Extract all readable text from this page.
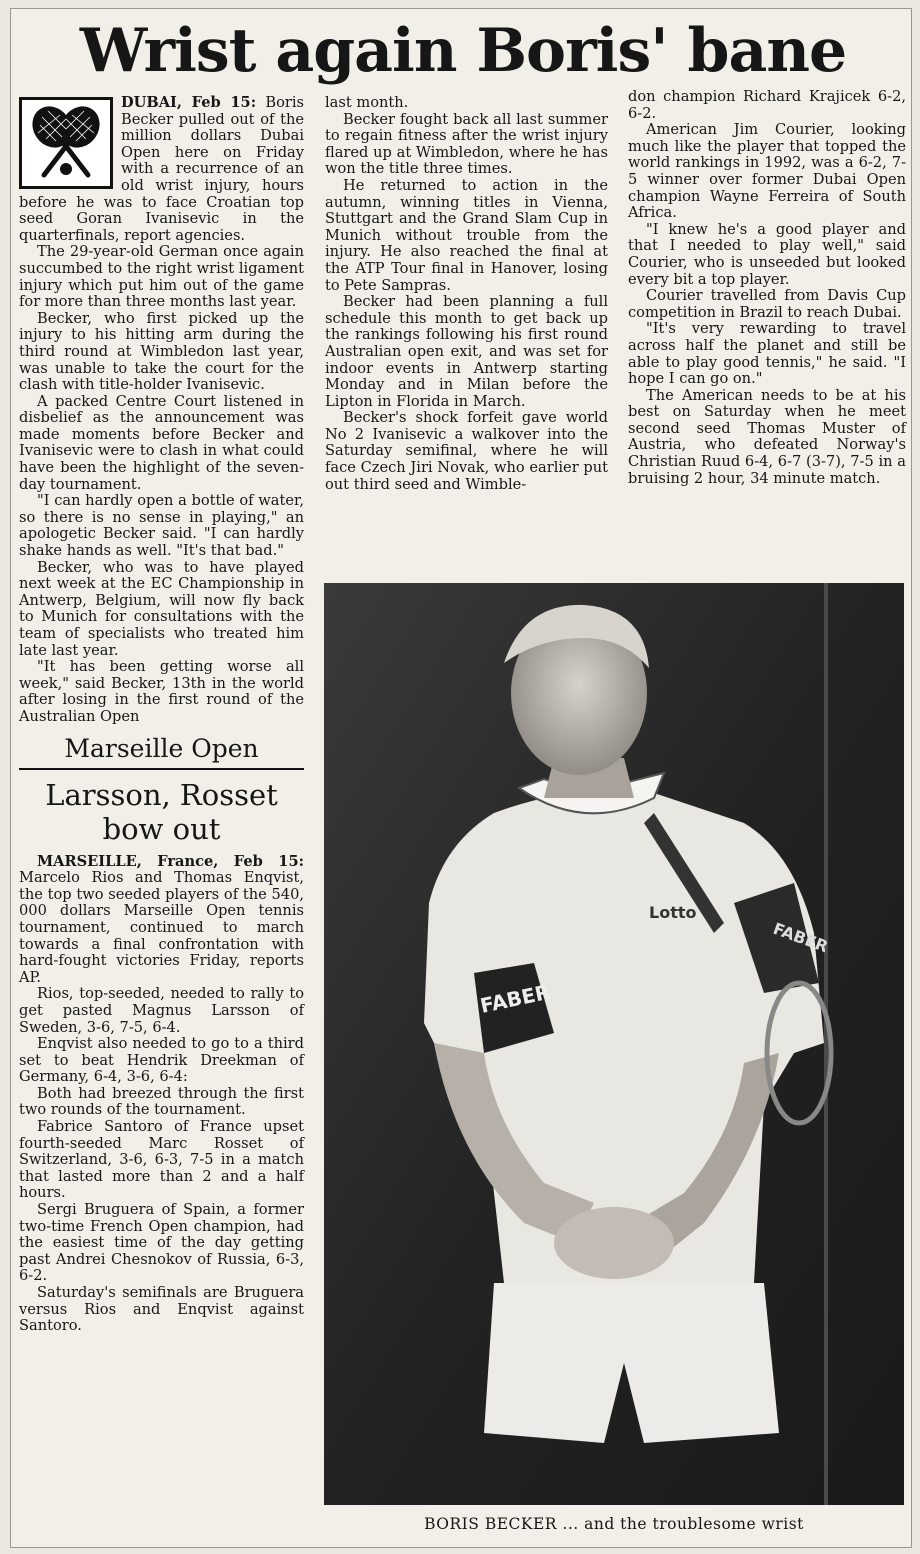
Wrist again Boris' bane

DUBAI, Feb 15: Boris Becker pulled out of the million dollars Dubai Open here on Friday with a recurrence of an old wrist injury, hours before he was to face Croatian top seed Goran Ivanisevic in the quarterfinals, report agencies.

The 29-year-old German once again succumbed to the right wrist ligament injury which put him out of the game for more than three months last year.

Becker, who first picked up the injury to his hitting arm during the third round at Wimbledon last year, was unable to take the court for the clash with title-holder Ivanisevic.

A packed Centre Court listened in disbelief as the announcement was made moments before Becker and Ivanisevic were to clash in what could have been the highlight of the seven-day tournament.

"I can hardly open a bottle of water, so there is no sense in playing," an apologetic Becker said. "I can hardly shake hands as well. "It's that bad."

Becker, who was to have played next week at the EC Championship in Antwerp, Belgium, will now fly back to Munich for consultations with the team of specialists who treated him late last year.

"It has been getting worse all week," said Becker, 13th in the world after losing in the first round of the Australian Open

Marseille Open
Larsson, Rosset
bow out

MARSEILLE, France, Feb 15: Marcelo Rios and Thomas Enqvist, the top two seeded players of the 540, 000 dollars Marseille Open tennis tournament, continued to march towards a final confrontation with hard-fought victories Friday, reports AP.

Rios, top-seeded, needed to rally to get pasted Magnus Larsson of Sweden, 3-6, 7-5, 6-4.

Enqvist also needed to go to a third set to beat Hendrik Dreekman of Germany, 6-4, 3-6, 6-4:

Both had breezed through the first two rounds of the tournament.

Fabrice Santoro of France upset fourth-seeded Marc Rosset of Switzerland, 3-6, 6-3, 7-5 in a match that lasted more than 2 and a half hours.

Sergi Bruguera of Spain, a former two-time French Open champion, had the easiest time of the day getting past Andrei Chesnokov of Russia, 6-3, 6-2.

Saturday's semifinals are Bruguera versus Rios and Enqvist against Santoro.

last month.

Becker fought back all last summer to regain fitness after the wrist injury flared up at Wimbledon, where he has won the title three times.

He returned to action in the autumn, winning titles in Vienna, Stuttgart and the Grand Slam Cup in Munich without trouble from the injury. He also reached the final at the ATP Tour final in Hanover, losing to Pete Sampras.

Becker had been planning a full schedule this month to get back up the rankings following his first round Australian open exit, and was set for indoor events in Antwerp starting Monday and in Milan before the Lipton in Florida in March.

Becker's shock forfeit gave world No 2 Ivanisevic a walkover into the Saturday semifinal, where he will face Czech Jiri Novak, who earlier put out third seed and Wimble-

don champion Richard Krajicek 6-2, 6-2.

American Jim Courier, looking much like the player that topped the world rankings in 1992, was a 6-2, 7-5 winner over former Dubai Open champion Wayne Ferreira of South Africa.

"I knew he's a good player and that I needed to play well," said Courier, who is unseeded but looked every bit a top player.

Courier travelled from Davis Cup competition in Brazil to reach Dubai.

"It's very rewarding to travel across half the planet and still be able to play good tennis," he said. "I hope I can go on."

The American needs to be at his best on Saturday when he meet second seed Thomas Muster of Austria, who defeated Norway's Christian Ruud 6-4, 6-7 (3-7), 7-5 in a bruising 2 hour, 34 minute match.

FABER
FABER
Lotto
BORIS BECKER ... and the troublesome wrist
